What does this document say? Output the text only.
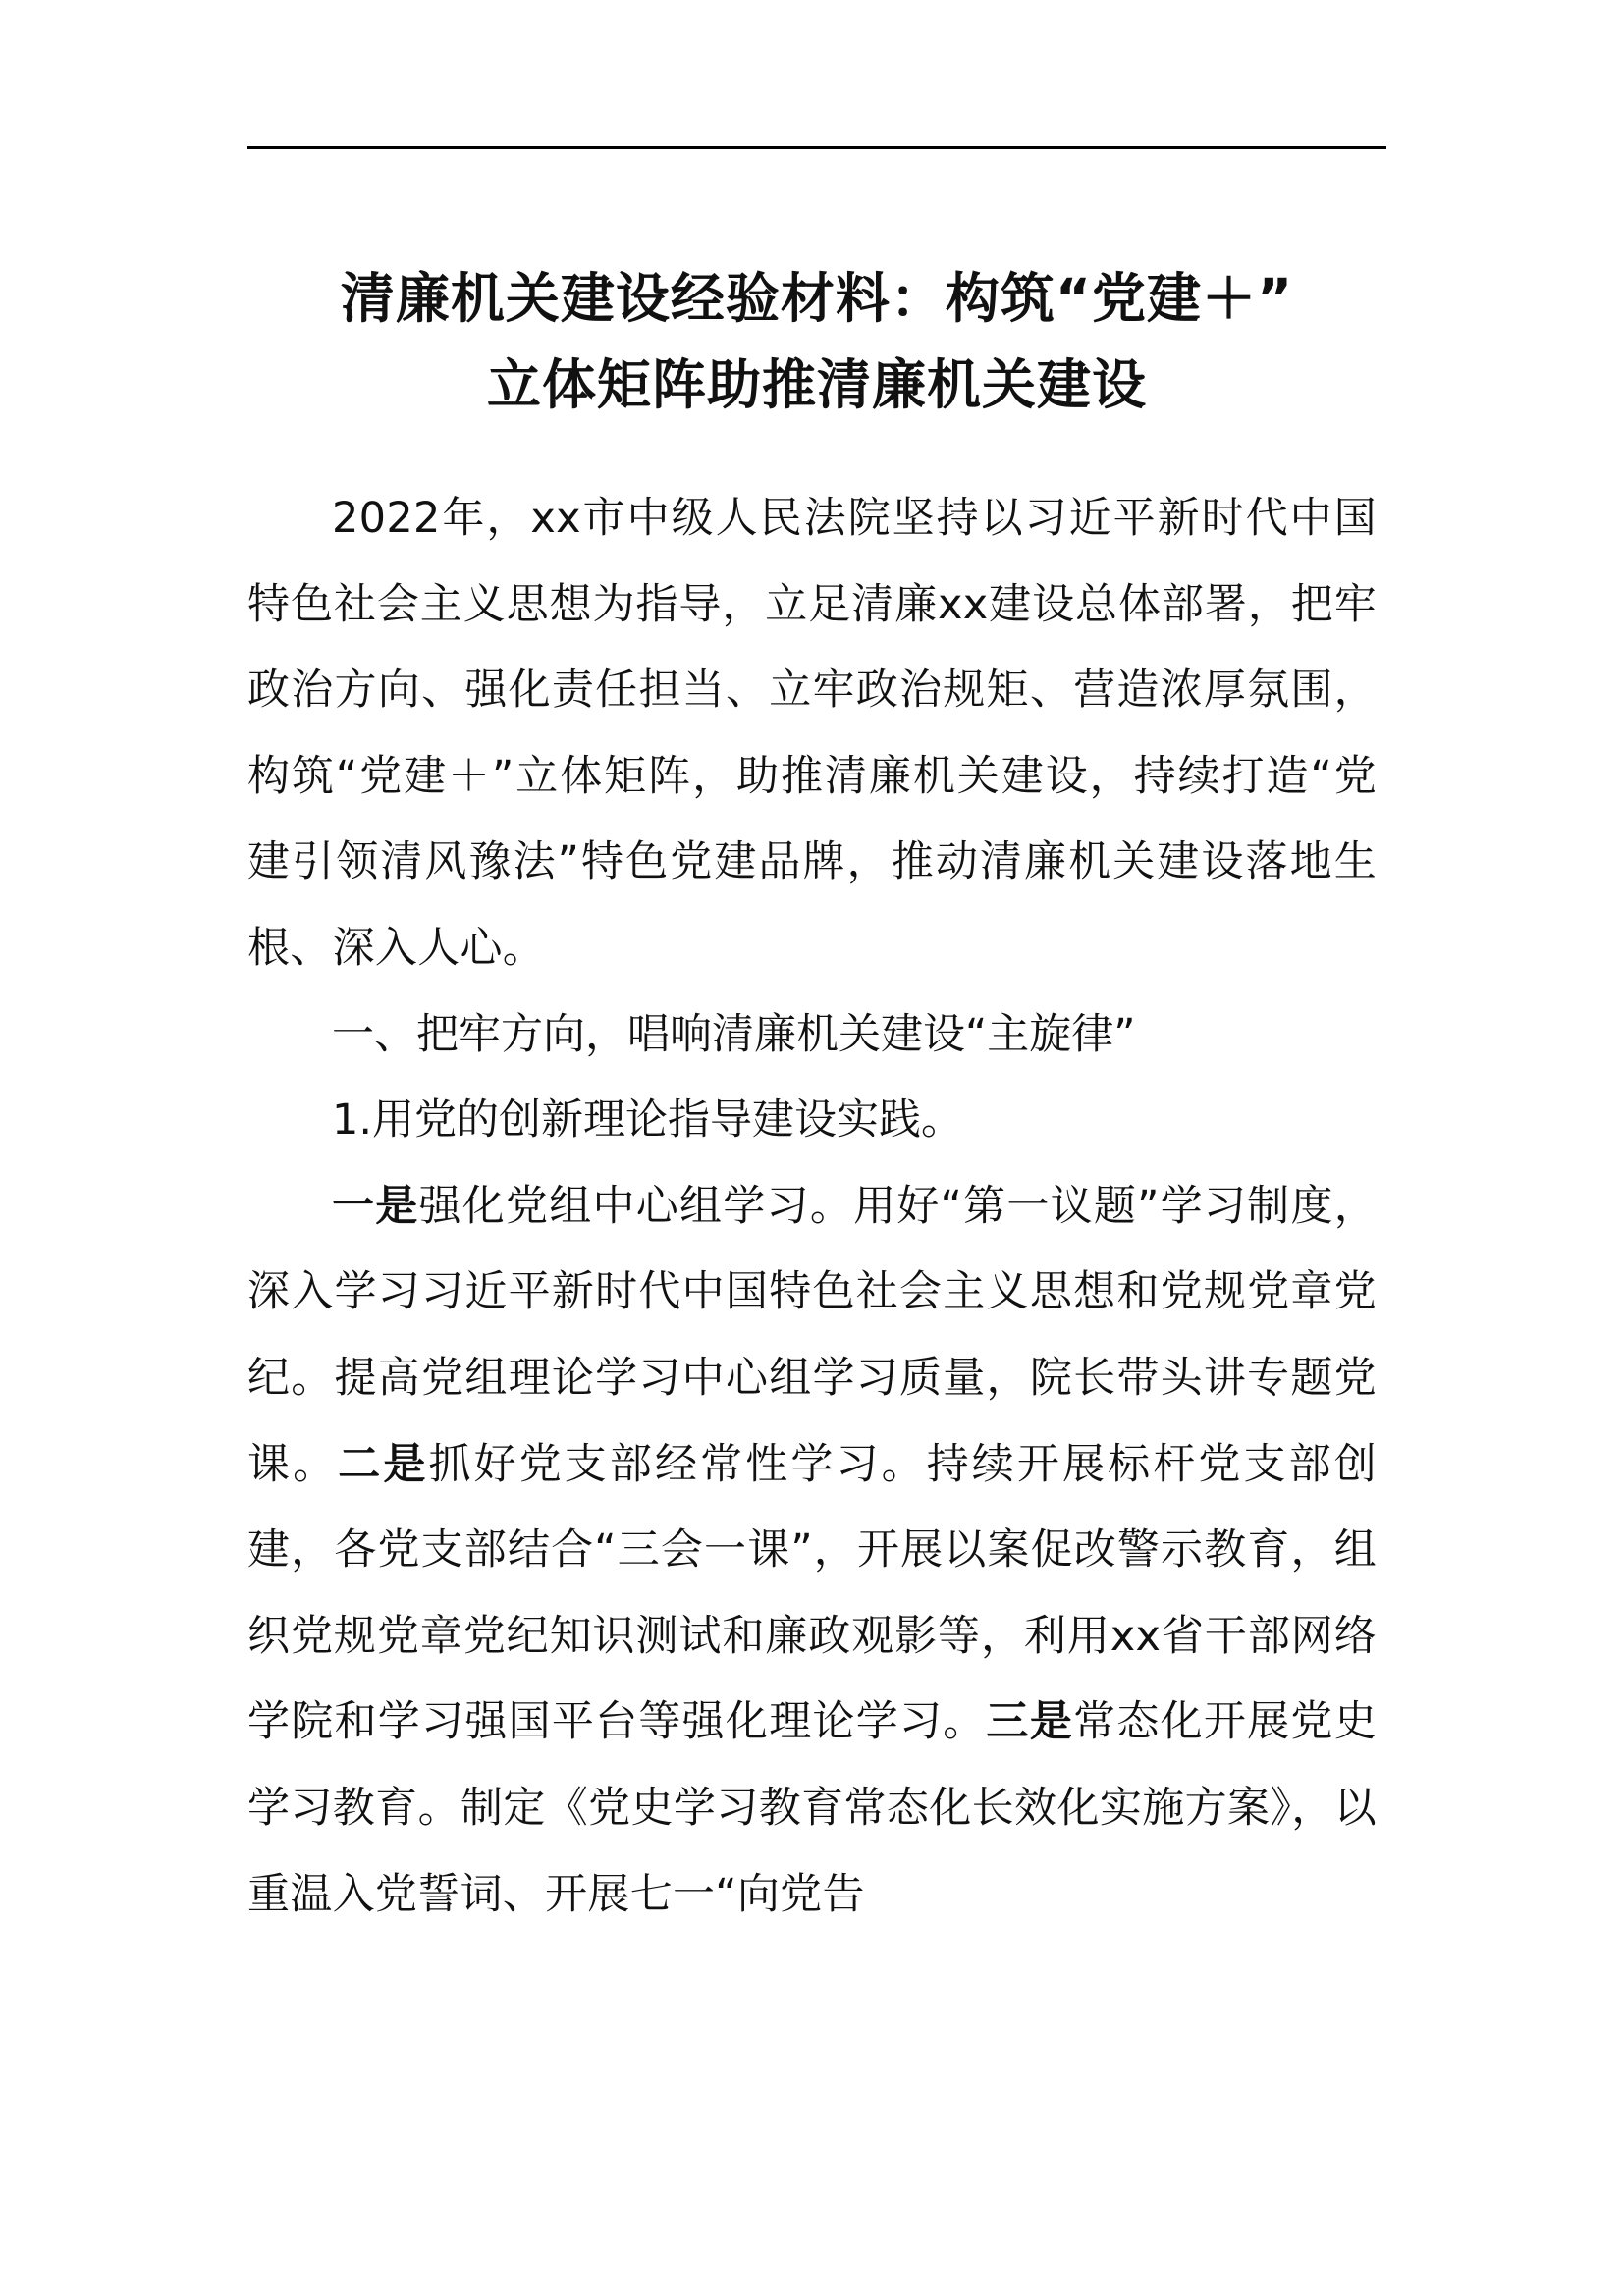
清廉机关建设经验材料：构筑“党建＋”
立体矩阵助推清廉机关建设

2022年，xx市中级人民法院坚持以习近平新时代中国特色社会主义思想为指导，立足清廉xx建设总体部署，把牢政治方向、强化责任担当、立牢政治规矩、营造浓厚氛围，构筑“党建＋”立体矩阵，助推清廉机关建设，持续打造“党建引领清风豫法”特色党建品牌，推动清廉机关建设落地生根、深入人心。

一、把牢方向，唱响清廉机关建设“主旋律”

1.用党的创新理论指导建设实践。

一是强化党组中心组学习。用好“第一议题”学习制度，深入学习习近平新时代中国特色社会主义思想和党规党章党纪。提高党组理论学习中心组学习质量，院长带头讲专题党课。二是抓好党支部经常性学习。持续开展标杆党支部创建，各党支部结合“三会一课”，开展以案促改警示教育，组织党规党章党纪知识测试和廉政观影等，利用xx省干部网络学院和学习强国平台等强化理论学习。三是常态化开展党史学习教育。制定《党史学习教育常态化长效化实施方案》，以重温入党誓词、开展七一“向党告
